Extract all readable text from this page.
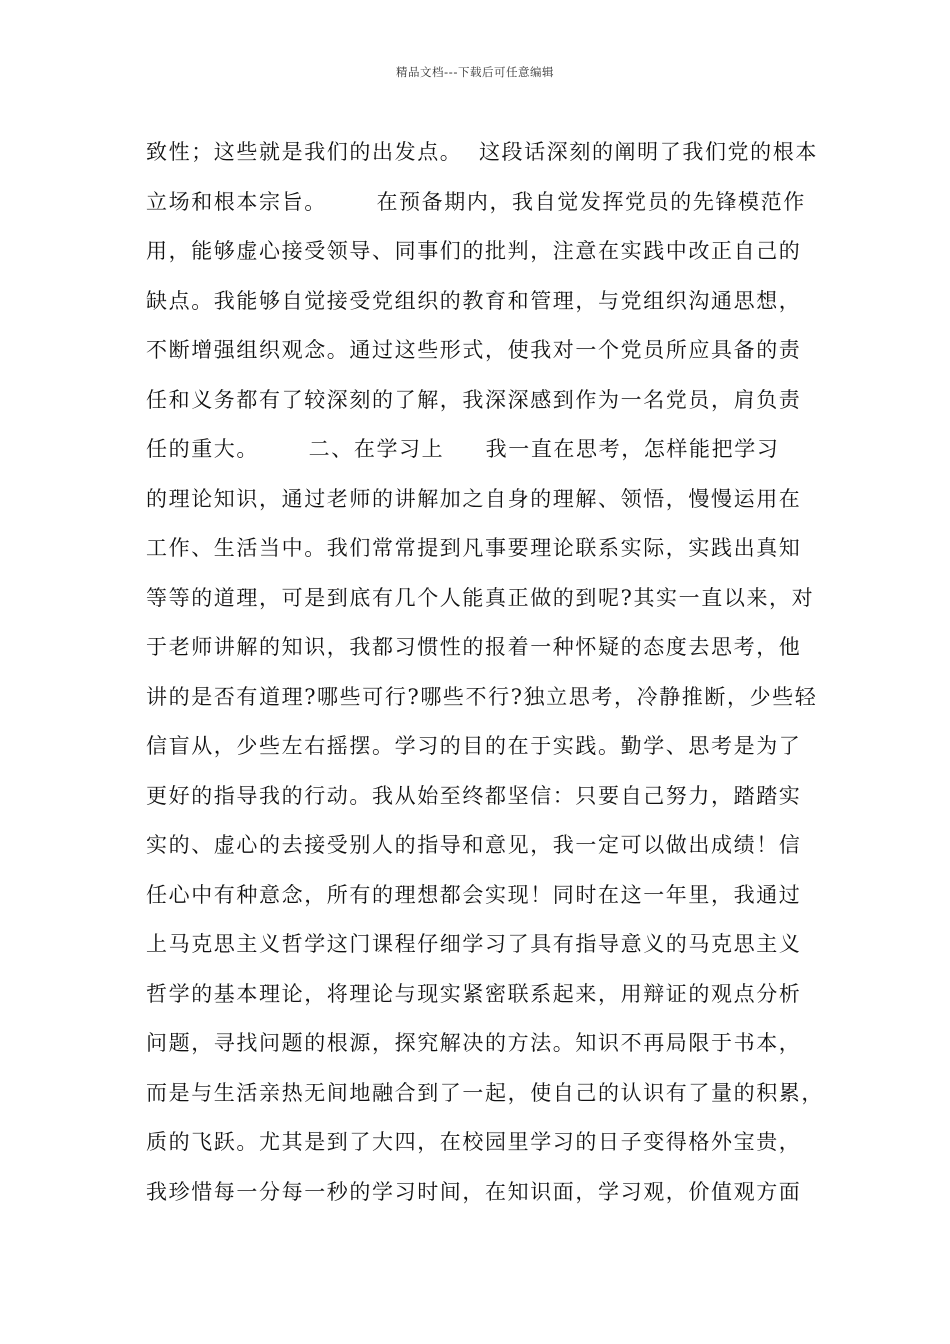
精品文档---下载后可任意编辑
致性；这些就是我们的出发点。  这段话深刻的阐明了我们党的根本
立场和根本宗旨。      在预备期内，我自觉发挥党员的先锋模范作
用，能够虚心接受领导、同事们的批判，注意在实践中改正自己的
缺点。我能够自觉接受党组织的教育和管理，与党组织沟通思想，
不断增强组织观念。通过这些形式，使我对一个党员所应具备的责
任和义务都有了较深刻的了解，我深深感到作为一名党员，肩负责
任的重大。      二、在学习上     我一直在思考，怎样能把学习
的理论知识，通过老师的讲解加之自身的理解、领悟，慢慢运用在
工作、生活当中。我们常常提到凡事要理论联系实际，实践出真知
等等的道理，可是到底有几个人能真正做的到呢?其实一直以来，对
于老师讲解的知识，我都习惯性的报着一种怀疑的态度去思考，他
讲的是否有道理?哪些可行?哪些不行?独立思考，冷静推断，少些轻
信盲从，少些左右摇摆。学习的目的在于实践。勤学、思考是为了
更好的指导我的行动。我从始至终都坚信：只要自己努力，踏踏实
实的、虚心的去接受别人的指导和意见，我一定可以做出成绩！信
任心中有种意念，所有的理想都会实现！同时在这一年里，我通过
上马克思主义哲学这门课程仔细学习了具有指导意义的马克思主义
哲学的基本理论，将理论与现实紧密联系起来，用辩证的观点分析
问题，寻找问题的根源，探究解决的方法。知识不再局限于书本，
而是与生活亲热无间地融合到了一起，使自己的认识有了量的积累，
质的飞跃。尤其是到了大四，在校园里学习的日子变得格外宝贵，
我珍惜每一分每一秒的学习时间，在知识面，学习观，价值观方面
